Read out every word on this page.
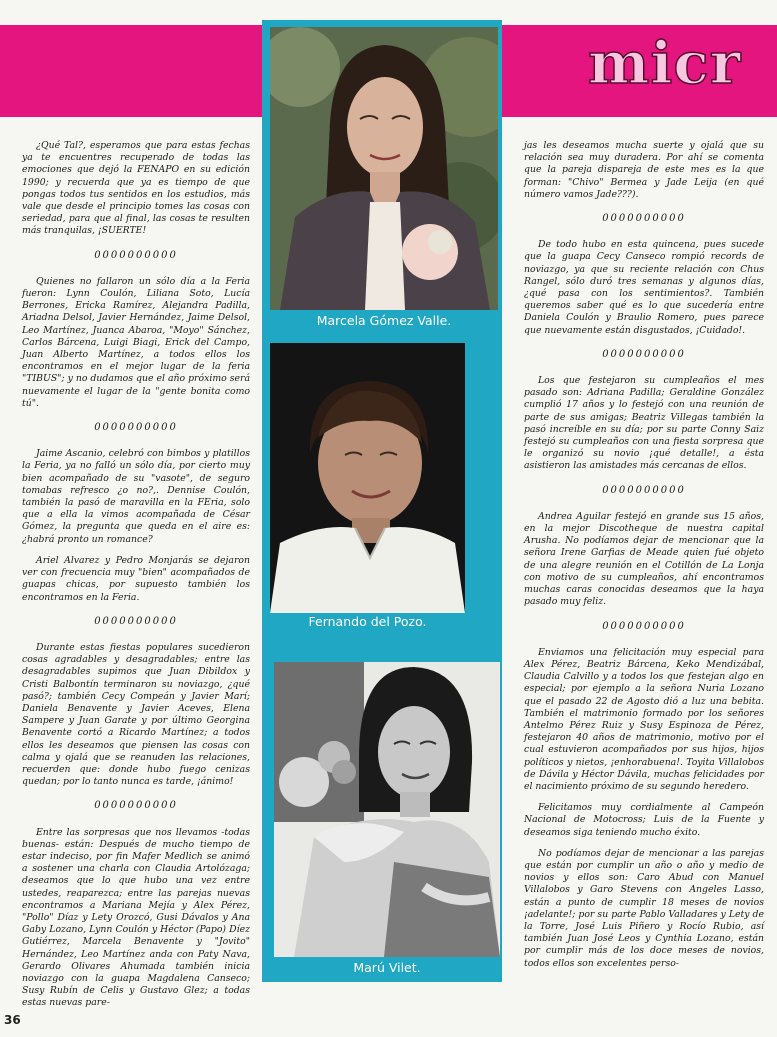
micr
Marcela Gómez Valle.
Fernando del Pozo.
Marú Vilet.

¿Qué Tal?, esperamos que para estas fechas ya te encuentres recuperado de todas las emociones que dejó la FENAPO en su edición 1990; y recuerda que ya es tiempo de que pongas todos tus sentidos en los estudios, más vale que desde el principio tomes las cosas con seriedad, para que al final, las cosas te resulten más tranquilas, ¡SUERTE!

0000000000

Quienes no fallaron un sólo día a la Feria fueron: Lynn Coulón, Liliana Soto, Lucía Berrones, Ericka Ramírez, Alejandra Padilla, Ariadna Delsol, Javier Hernández, Jaime Delsol, Leo Martínez, Juanca Abaroa, "Moyo" Sánchez, Carlos Bárcena, Luigi Biagi, Erick del Campo, Juan Alberto Martínez, a todos ellos los encontramos en el mejor lugar de la feria "TIBUS"; y no dudamos que el año próximo será nuevamente el lugar de la "gente bonita como tú".

0000000000

Jaime Ascanio, celebró con bimbos y platillos la Feria, ya no falló un sólo día, por cierto muy bien acompañado de su "vasote", de seguro tomabas refresco ¿o no?,. Dennise Coulón, también la pasó de maravilla en la FEria, solo que a ella la vimos acompañada de César Gómez, la pregunta que queda en el aire es: ¿habrá pronto un romance?

Ariel Alvarez y Pedro Monjarás se dejaron ver con frecuencia muy "bien" acompañados de guapas chicas, por supuesto también los encontramos en la Feria.

0000000000

Durante estas fiestas populares sucedieron cosas agradables y desagradables; entre las desagradables supimos que Juan Dibildox y Cristi Balbontín terminaron su noviazgo, ¿qué pasó?; también Cecy Compeán y Javier Marí; Daniela Benavente y Javier Aceves, Elena Sampere y Juan Garate y por último Georgina Benavente cortó a Ricardo Martínez; a todos ellos les deseamos que piensen las cosas con calma y ojalá que se reanuden las relaciones, recuerden que: donde hubo fuego cenizas quedan; por lo tanto nunca es tarde, ¡ánimo!

0000000000

Entre las sorpresas que nos llevamos -todas buenas- están: Después de mucho tiempo de estar indeciso, por fin Mafer Medlich se animó a sostener una charla con Claudia Artolózaga; deseamos que lo que hubo una vez entre ustedes, reaparezca; entre las parejas nuevas encontramos a Mariana Mejía y Alex Pérez, "Pollo" Díaz y Lety Orozcó, Gusi Dávalos y Ana Gaby Lozano, Lynn Coulón y Héctor (Papo) Díez Gutiérrez, Marcela Benavente y "Jovito" Hernández, Leo Martínez anda con Paty Nava, Gerardo Olivares Ahumada también inicia noviazgo con la guapa Magdalena Canseco; Susy Rubín de Celis y Gustavo Glez; a todas estas nuevas pare-

jas les deseamos mucha suerte y ojalá que su relación sea muy duradera. Por ahí se comenta que la pareja dispareja de este mes es la que forman: "Chivo" Bermea y Jade Leija (en qué número vamos Jade???).

0000000000

De todo hubo en esta quincena, pues sucede que la guapa Cecy Canseco rompió records de noviazgo, ya que su reciente relación con Chus Rangel, sólo duró tres semanas y algunos días, ¿qué pasa con los sentimientos?. También queremos saber qué es lo que sucedería entre Daniela Coulón y Braulio Romero, pues parece que nuevamente están disgustados, ¡Cuidado!.

0000000000

Los que festejaron su cumpleaños el mes pasado son: Adriana Padilla; Geraldine González cumplió 17 años y lo festejó con una reunión de parte de sus amigas; Beatriz Villegas también la pasó increíble en su día; por su parte Conny Saiz festejó su cumpleaños con una fiesta sorpresa que le organizó su novio ¡qué detalle!, a ésta asistieron las amistades más cercanas de ellos.

0000000000

Andrea Aguilar festejó en grande sus 15 años, en la mejor Discotheque de nuestra capital Arusha. No podíamos dejar de mencionar que la señora Irene Garfias de Meade quien fué objeto de una alegre reunión en el Cotillón de La Lonja con motivo de su cumpleaños, ahí encontramos muchas caras conocidas deseamos que la haya pasado muy feliz.

0000000000

Enviamos una felicitación muy especial para Alex Pérez, Beatriz Bárcena, Keko Mendizábal, Claudia Calvillo y a todos los que festejan algo en especial; por ejemplo a la señora Nuria Lozano que el pasado 22 de Agosto dió a luz una bebita. También el matrimonio formado por los señores Antelmo Pérez Ruiz y Susy Espinoza de Pérez, festejaron 40 años de matrimonio, motivo por el cual estuvieron acompañados por sus hijos, hijos políticos y nietos, ¡enhorabuena!. Toyita Villalobos de Dávila y Héctor Dávila, muchas felicidades por el nacimiento próximo de su segundo heredero.

Felicitamos muy cordialmente al Campeón Nacional de Motocross; Luis de la Fuente y deseamos siga teniendo mucho éxito.

No podíamos dejar de mencionar a las parejas que están por cumplir un año o año y medio de novios y ellos son: Caro Abud con Manuel Villalobos y Garo Stevens con Angeles Lasso, están a punto de cumplir 18 meses de novios ¡adelante!; por su parte Pablo Valladares y Lety de la Torre, José Luis Piñero y Rocío Rubio, así también Juan José Leos y Cynthia Lozano, están por cumplir más de los doce meses de novios, todos ellos son excelentes perso-

36
